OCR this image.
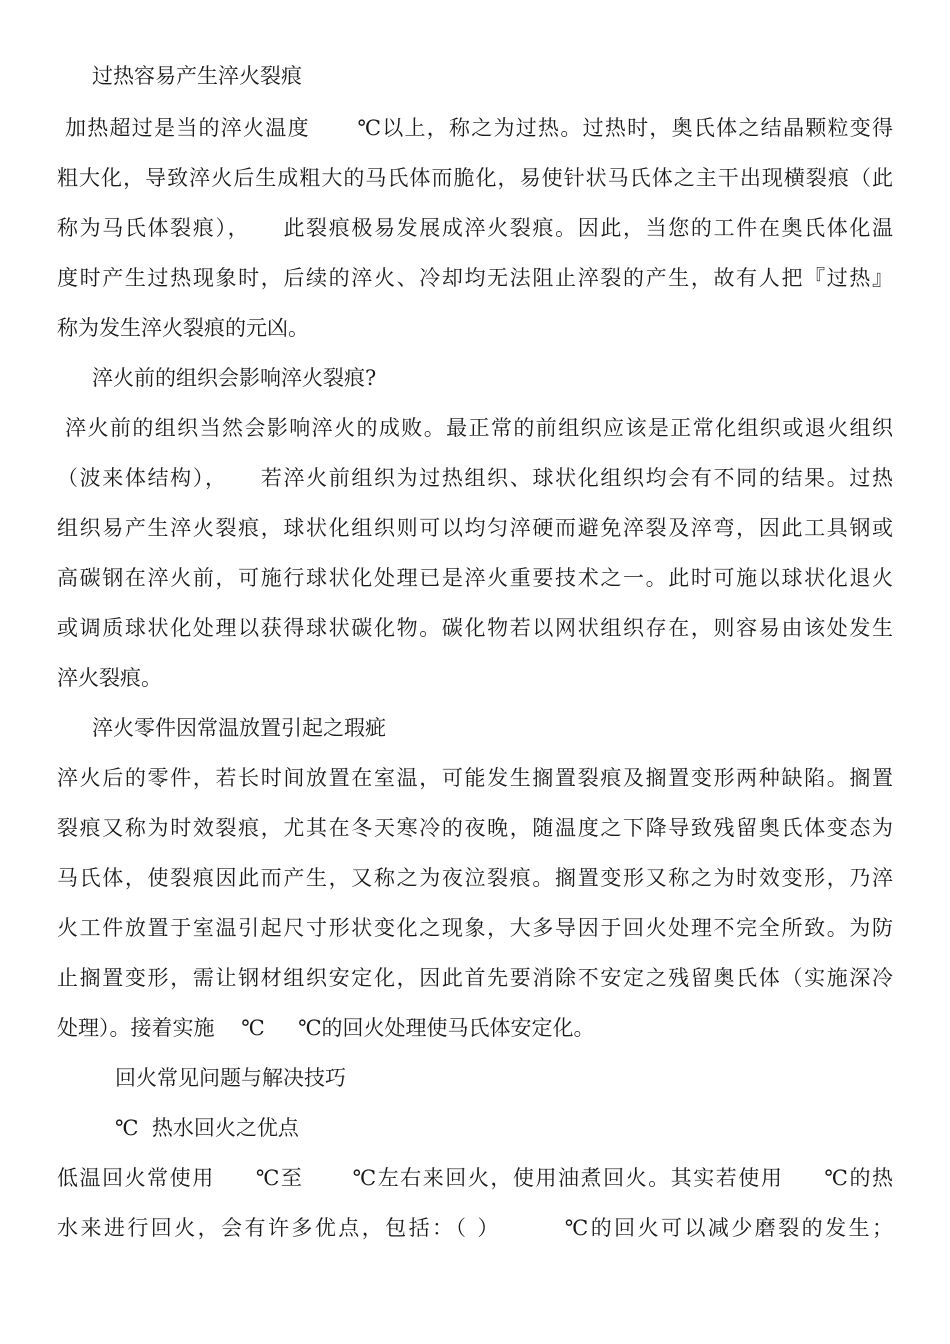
过热容易产生淬火裂痕
加热超过是当的淬火温度      ℃以上，称之为过热。过热时，奥氏体之结晶颗粒变得
粗大化，导致淬火后生成粗大的马氏体而脆化，易使针状马氏体之主干出现横裂痕（此
称为马氏体裂痕），    此裂痕极易发展成淬火裂痕。因此，当您的工件在奥氏体化温
度时产生过热现象时，后续的淬火、冷却均无法阻止淬裂的产生，故有人把『过热』
称为发生淬火裂痕的元凶。
淬火前的组织会影响淬火裂痕?
淬火前的组织当然会影响淬火的成败。最正常的前组织应该是正常化组织或退火组织
（波来体结构），    若淬火前组织为过热组织、球状化组织均会有不同的结果。过热
组织易产生淬火裂痕，球状化组织则可以均匀淬硬而避免淬裂及淬弯，因此工具钢或
高碳钢在淬火前，可施行球状化处理已是淬火重要技术之一。此时可施以球状化退火
或调质球状化处理以获得球状碳化物。碳化物若以网状组织存在，则容易由该处发生
淬火裂痕。
淬火零件因常温放置引起之瑕疵
淬火后的零件，若长时间放置在室温，可能发生搁置裂痕及搁置变形两种缺陷。搁置
裂痕又称为时效裂痕，尤其在冬天寒冷的夜晚，随温度之下降导致残留奥氏体变态为
马氏体，使裂痕因此而产生，又称之为夜泣裂痕。搁置变形又称之为时效变形，乃淬
火工件放置于室温引起尺寸形状变化之现象，大多导因于回火处理不完全所致。为防
止搁置变形，需让钢材组织安定化，因此首先要消除不安定之残留奥氏体（实施深冷
处理）。接着实施    ℃     ℃的回火处理使马氏体安定化。
回火常见问题与解决技巧
℃  热水回火之优点
低温回火常使用     ℃至      ℃左右来回火，使用油煮回火。其实若使用     ℃的热
水来进行回火，会有许多优点，包括：（ ）       ℃的回火可以减少磨裂的发生；
